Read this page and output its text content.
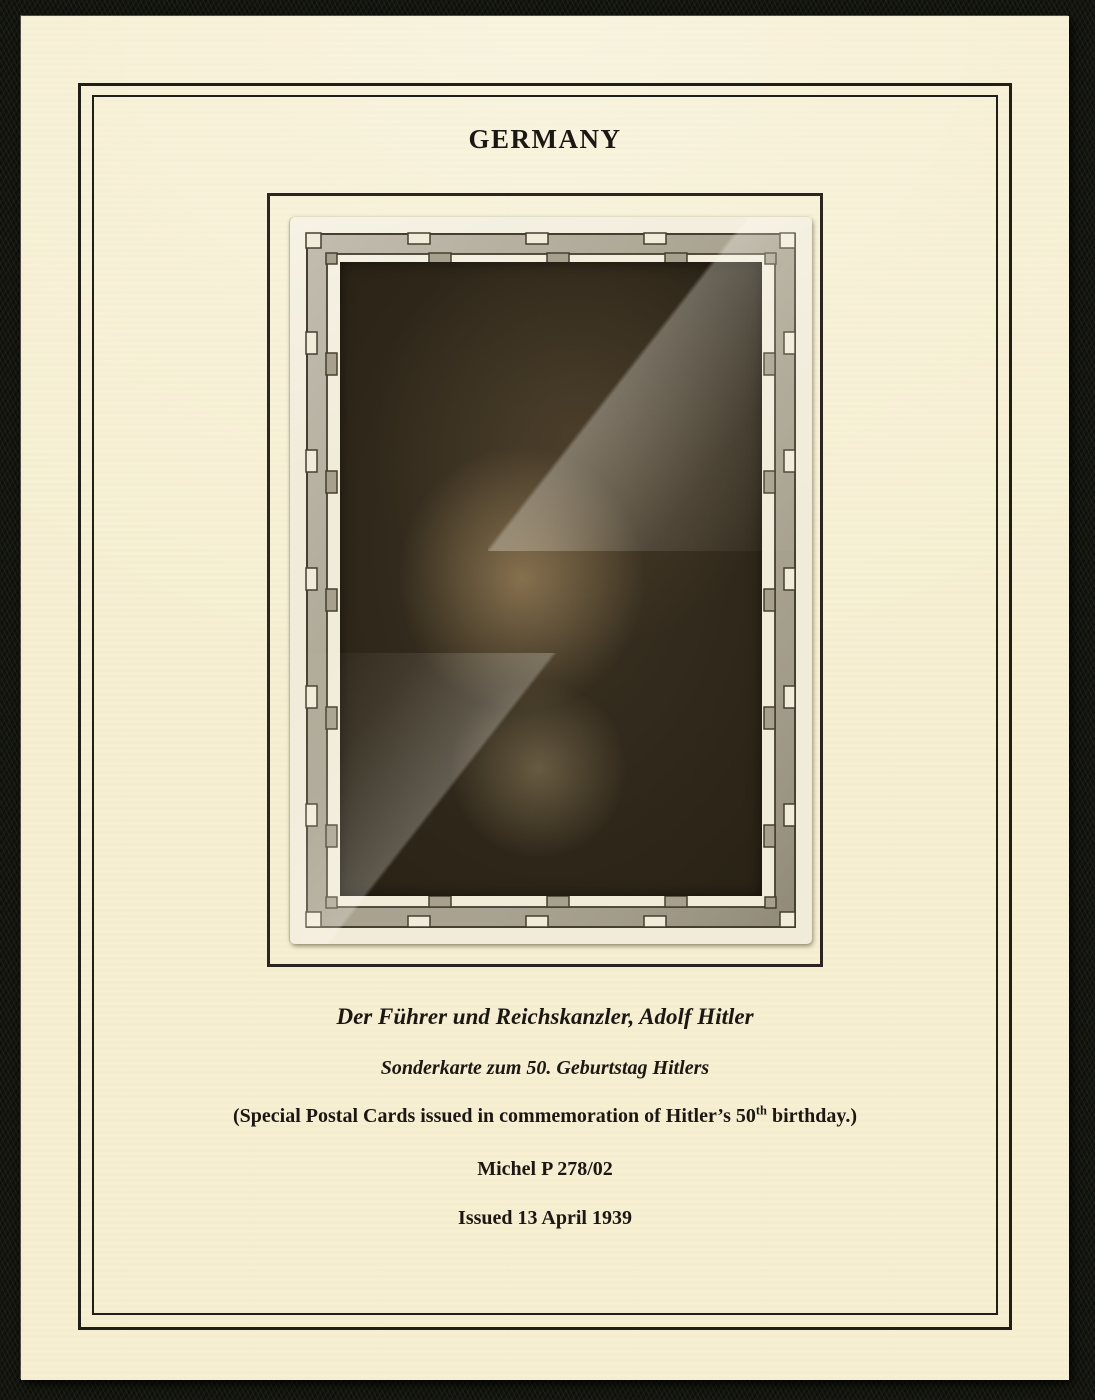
GERMANY

Der Führer und Reichskanzler, Adolf Hitler

Sonderkarte zum 50. Geburtstag Hitlers

(Special Postal Cards issued in commemoration of Hitler’s 50th birthday.)

Michel P 278/02

Issued 13 April 1939
